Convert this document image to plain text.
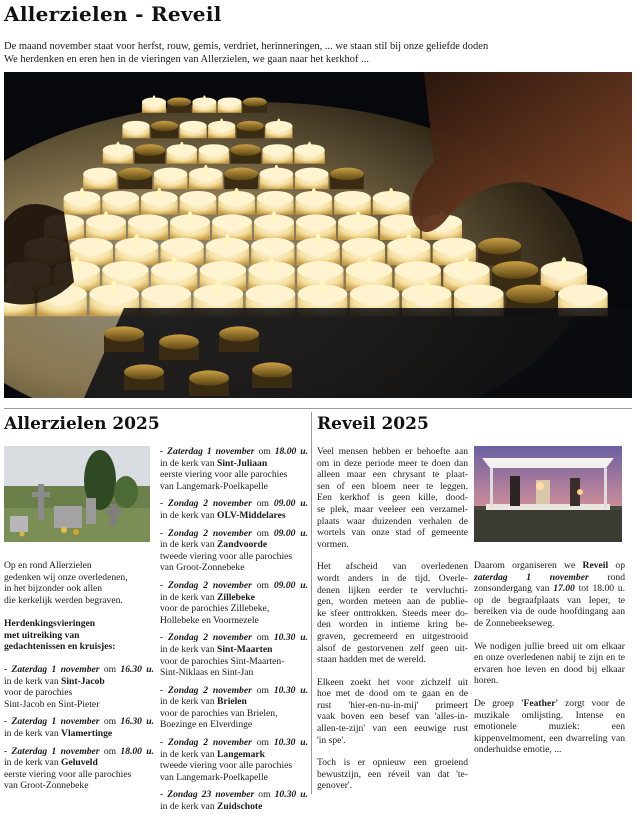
Allerzielen - Reveil
De maand november staat voor herfst, rouw, gemis, verdriet, herinneringen, ... we staan stil bij onze geliefde doden
We herdenken en eren hen in de vieringen van Allerzielen, we gaan naar het kerkhof ...
Allerzielen 2025

Op en rond Allerzielen

gedenken wij onze overledenen,

in het bijzonder ook allen

die kerkelijk werden begraven.

Herdenkingsvieringen

met uitreiking van

gedachtenissen en kruisjes:

- Zaterdag 1 november om 16.30 u.

in de kerk van Sint-Jacob

voor de parochies

Sint-Jacob en Sint-Pieter

- Zaterdag 1 november om 16.30 u.

in de kerk van Vlamertinge

- Zaterdag 1 november om 18.00 u.

in de kerk van Geluveld

eerste viering voor alle parochies

van Groot-Zonnebeke

- Zaterdag 1 november om 18.00 u.

in de kerk van Sint-Juliaan

eerste viering voor alle parochies

van Langemark-Poelkapelle

- Zondag 2 november om 09.00 u.

in de kerk van OLV-Middelares

- Zondag 2 november om 09.00 u.

in de kerk van Zandvoorde

tweede viering voor alle parochies

van Groot-Zonnebeke

- Zondag 2 november om 09.00 u.

in de kerk van Zillebeke

voor de parochies Zillebeke,

Hollebeke en Voormezele

- Zondag 2 november om 10.30 u.

in de kerk van Sint-Maarten

voor de parochies Sint-Maarten-

Sint-Niklaas en Sint-Jan

- Zondag 2 november om 10.30 u.

in de kerk van Brielen

voor de parochies van Brielen,

Boezinge en Elverdinge

- Zondag 2 november om 10.30 u.

in de kerk van Langemark

tweede viering voor alle parochies

van Langemark-Poelkapelle

- Zondag 23 november om 10.30 u.

in de kerk van Zuidschote

Reveil 2025

Veel mensen hebben er behoefte aan

om in deze periode meer te doen dan

alleen maar een chrysant te plaat-

sen of een bloem neer te leggen.

Een kerkhof is geen kille, dood-

se plek, maar veeleer een verzamel-

plaats waar duizenden verhalen de

wortels van onze stad of gemeente

vormen.

Het afscheid van overledenen

wordt anders in de tijd. Overle-

denen lijken eerder te vervluchti-

gen, worden meteen aan de publie-

ke sfeer onttrokken. Steeds meer do-

den worden in intieme kring be-

graven, gecremeerd en uitgestrooid

alsof de gestorvenen zelf geen uit-

staan hadden met de wereld.

Elkeen zoekt het voor zichzelf uit

hoe met de dood om te gaan en de

rust 'hier-en-nu-in-mij' primeert

vaak boven een besef van 'alles-in-

allen-te-zijn' van een eeuwige rust

'in spe'.

Toch is er opnieuw een groeiend

bewustzijn, een réveil van dat 'te-

genover'.

Daarom organiseren we Reveil op zaterdag 1 november rond zonsondergang van 17.00 tot 18.00 u. op de begraafplaats van Ieper, te bereiken via de oude hoofdingang aan de Zonnebeekseweg.

We nodigen jullie breed uit om elkaar en onze overledenen nabij te zijn en te ervaren hoe leven en dood bij elkaar horen.

De groep 'Feather' zorgt voor de muzikale omlijsting. Intense en emotionele muziek: een kippenvelmoment, een dwarreling van onderhuidse emotie, ...
